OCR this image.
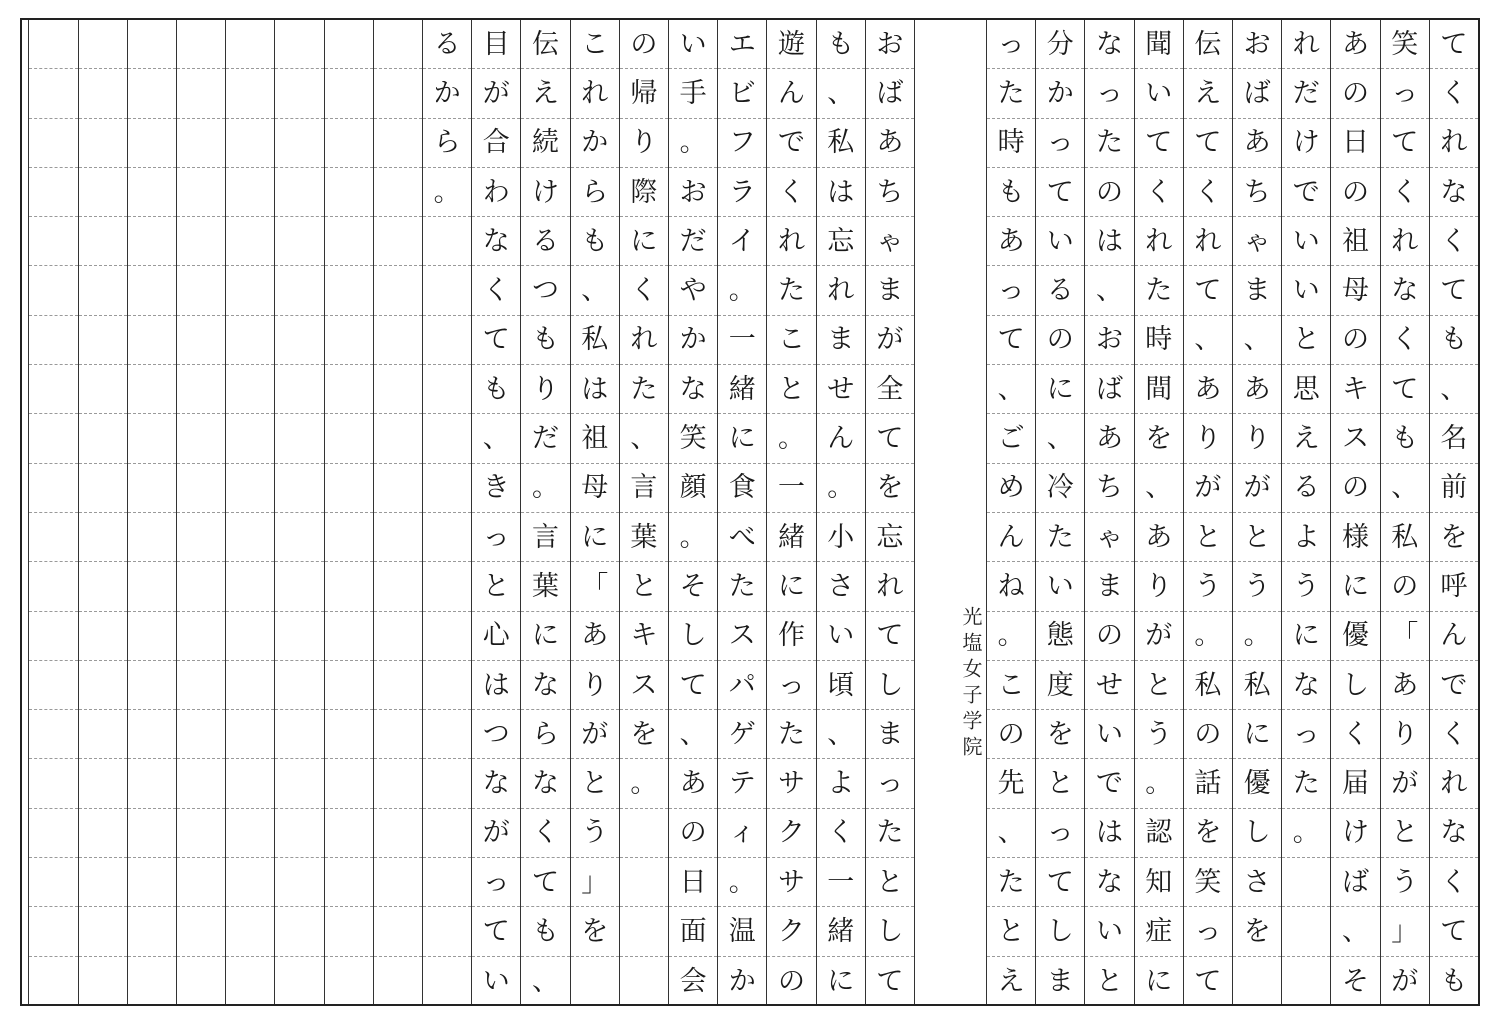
て
く
れ
な
く
て
も
、
名
前
を
呼
ん
で
く
れ
な
く
て
も
笑
っ
て
く
れ
な
く
て
も
、
私
の
「
あ
り
が
と
う
」
が
あ
の
日
の
祖
母
の
キ
ス
の
様
に
優
し
く
届
け
ば
、
そ
れ
だ
け
で
い
い
と
思
え
る
よ
う
に
な
っ
た
。
お
ば
あ
ち
ゃ
ま
、
あ
り
が
と
う
。
私
に
優
し
さ
を
伝
え
て
く
れ
て
、
あ
り
が
と
う
。
私
の
話
を
笑
っ
て
聞
い
て
く
れ
た
時
間
を
、
あ
り
が
と
う
。
認
知
症
に
な
っ
た
の
は
、
お
ば
あ
ち
ゃ
ま
の
せ
い
で
は
な
い
と
分
か
っ
て
い
る
の
に
、
冷
た
い
態
度
を
と
っ
て
し
ま
っ
た
時
も
あ
っ
て
、
ご
め
ん
ね
。
こ
の
先
、
た
と
え
お
ば
あ
ち
ゃ
ま
が
全
て
を
忘
れ
て
し
ま
っ
た
と
し
て
も
、
私
は
忘
れ
ま
せ
ん
。
小
さ
い
頃
、
よ
く
一
緒
に
遊
ん
で
く
れ
た
こ
と
。
一
緒
に
作
っ
た
サ
ク
サ
ク
の
エ
ビ
フ
ラ
イ
。
一
緒
に
食
べ
た
ス
パ
ゲ
テ
ィ
。
温
か
い
手
。
お
だ
や
か
な
笑
顔
。
そ
し
て
、
あ
の
日
面
会
の
帰
り
際
に
く
れ
た
、
言
葉
と
キ
ス
を
。
こ
れ
か
ら
も
、
私
は
祖
母
に
「
あ
り
が
と
う
」
を
伝
え
続
け
る
つ
も
り
だ
。
言
葉
に
な
ら
な
く
て
も
、
目
が
合
わ
な
く
て
も
、
き
っ
と
心
は
つ
な
が
っ
て
い
る
か
ら
。
光塩女子学院
